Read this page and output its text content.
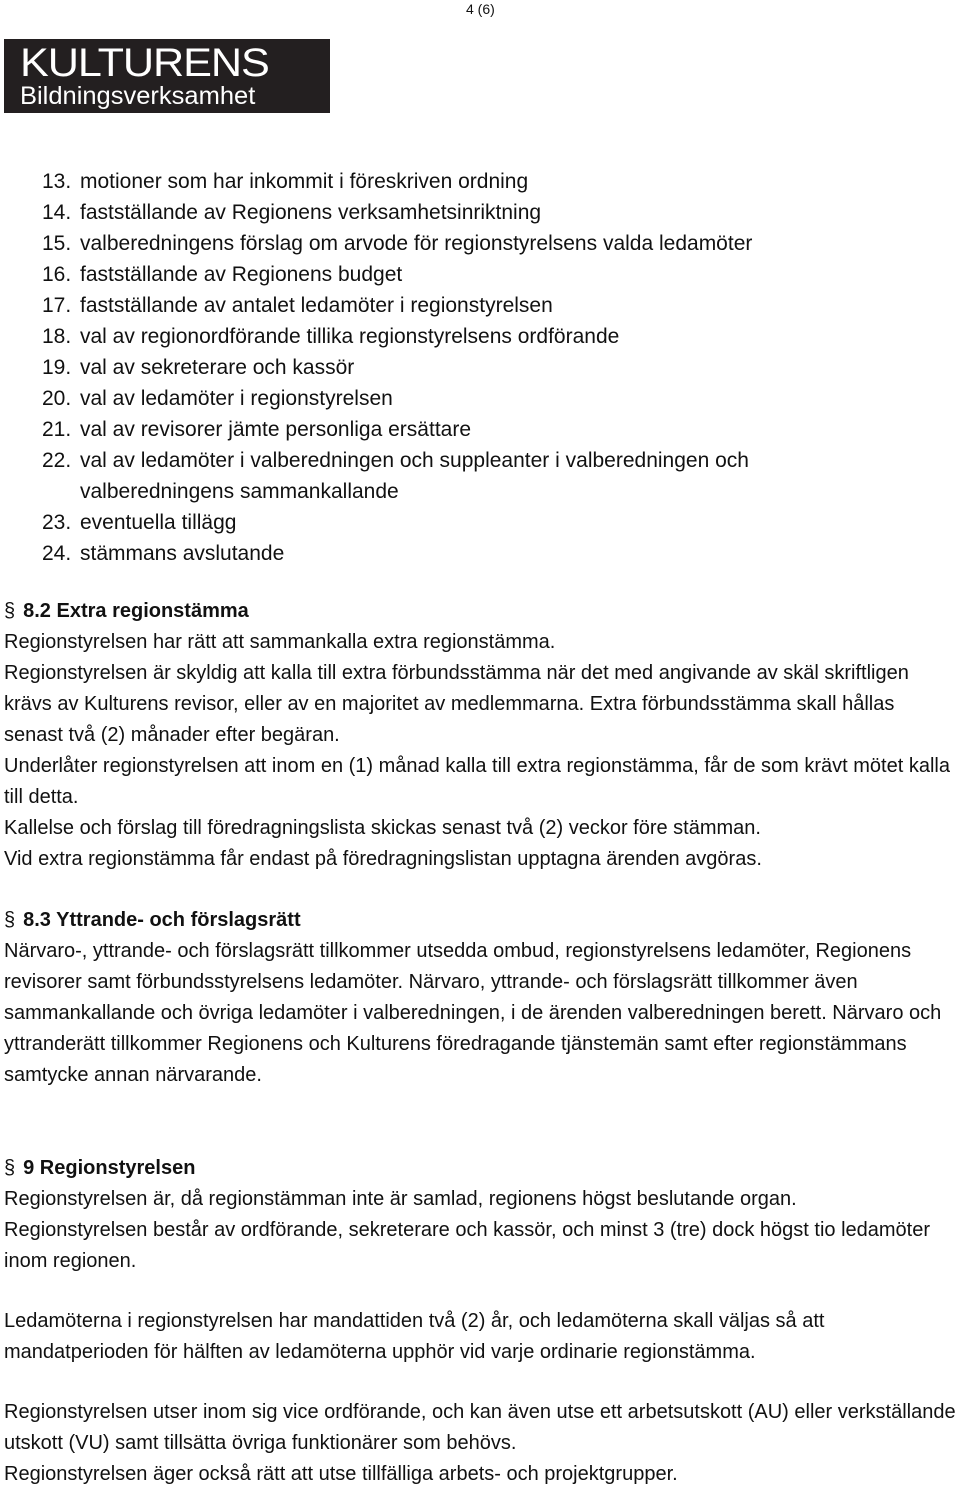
4 (6)
KULTURENS
Bildningsverksamhet
13. motioner som har inkommit i föreskriven ordning
14. fastställande av Regionens verksamhetsinriktning
15. valberedningens förslag om arvode för regionstyrelsens valda ledamöter
16. fastställande av Regionens budget
17. fastställande av antalet ledamöter i regionstyrelsen
18. val av regionordförande tillika regionstyrelsens ordförande
19. val av sekreterare och kassör
20. val av ledamöter i regionstyrelsen
21. val av revisorer jämte personliga ersättare
22. val av ledamöter i valberedningen och suppleanter i valberedningen och valberedningens sammankallande
23. eventuella tillägg
24. stämmans avslutande
§ 8.2 Extra regionstämma

Regionstyrelsen har rätt att sammankalla extra regionstämma.

Regionstyrelsen är skyldig att kalla till extra förbundsstämma när det med angivande av skäl skriftligen krävs av Kulturens revisor, eller av en majoritet av medlemmarna. Extra förbundsstämma skall hållas senast två (2) månader efter begäran.

Underlåter regionstyrelsen att inom en (1) månad kalla till extra regionstämma, får de som krävt mötet kalla till detta.

Kallelse och förslag till föredragningslista skickas senast två (2) veckor före stämman.

Vid extra regionstämma får endast på föredragningslistan upptagna ärenden avgöras.

§ 8.3 Yttrande- och förslagsrätt

Närvaro-, yttrande- och förslagsrätt tillkommer utsedda ombud, regionstyrelsens ledamöter, Regionens revisorer samt förbundsstyrelsens ledamöter. Närvaro, yttrande- och förslagsrätt tillkommer även sammankallande och övriga ledamöter i valberedningen, i de ärenden valberedningen berett. Närvaro och yttranderätt tillkommer Regionens och Kulturens föredragande tjänstemän samt efter regionstämmans samtycke annan närvarande.

§ 9 Regionstyrelsen

Regionstyrelsen är, då regionstämman inte är samlad, regionens högst beslutande organ.

Regionstyrelsen består av ordförande, sekreterare och kassör, och minst 3 (tre) dock högst tio ledamöter inom regionen.

Ledamöterna i regionstyrelsen har mandattiden två (2) år, och ledamöterna skall väljas så att mandatperioden för hälften av ledamöterna upphör vid varje ordinarie regionstämma.

Regionstyrelsen utser inom sig vice ordförande, och kan även utse ett arbetsutskott (AU) eller verkställande utskott (VU) samt tillsätta övriga funktionärer som behövs.

Regionstyrelsen äger också rätt att utse tillfälliga arbets- och projektgrupper.
